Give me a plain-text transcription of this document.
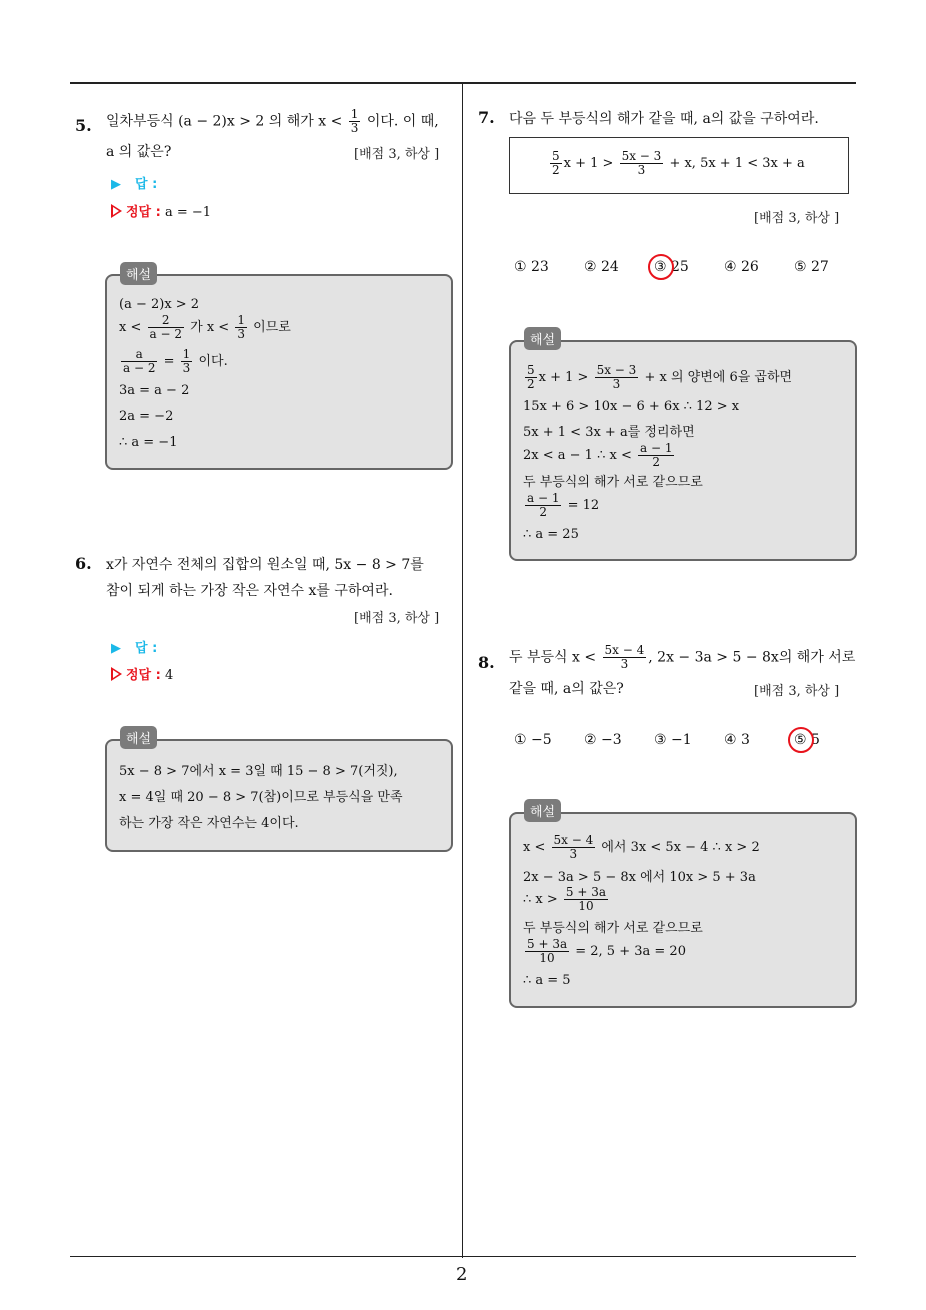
2
5. 일차부등식 (a − 2)x > 2 의 해가 $x < \frac{1}{3}$ 이다. 이 때,
a 의 값은?	[배점 3, 하상 ]
▶ 답 :
정답 : a = −1
(a − 2)x > 2
$x < \frac{2}{a - 2}$ 가 $x < \frac{1}{3}$ 이므로
$\frac{a}{a - 2} = \frac{1}{3}$ 이다.
3a = a − 2
2a = −2
∴ a = −1
해설
6. x가 자연수 전체의 집합의 원소일 때, 5x − 8 > 7를
참이 되게 하는 가장 작은 자연수 x를 구하여라.
[배점 3, 하상 ]
▶ 답 :
정답 : 4
5x − 8 > 7에서 x = 3일 때 15 − 8 > 7(거짓),
x = 4일 때 20 − 8 > 7(참)이므로 부등식을 만족
하는 가장 작은 자연수는 4이다.
해설
7. 다음 두 부등식의 해가 같을 때, a의 값을 구하여라.
$\frac{5}{2}$ $x + 1 > \frac{5x - 3}{3} + x$, 5x + 1 < 3x + a
[배점 3, 하상 ]
① 23	② 24	③ 25	④ 26	⑤ 27
$\frac{5}{2}$ $x + 1 > \frac{5x - 3}{3} + x$ 의 양변에 6을 곱하면
15x + 6 > 10x − 6 + 6x ∴ 12 > x
5x + 1 < 3x + a를 정리하면
2x < a − 1 ∴ $x < \frac{a - 1}{2}$
두 부등식의 해가 서로 같으므로
$\frac{a - 1}{2} = 12$
∴ a = 25
해설
8. 두 부등식 $x < \frac{5x - 4}{3}$ , 2x − 3a > 5 − 8x의 해가 서로
같을 때, a의 값은?	[배점 3, 하상 ]
① −5 ② −3 ③ −1 ④ 3	⑤ 5
$x < \frac{5x - 4}{3}$ 에서 3x < 5x − 4 ∴ x > 2
2x − 3a > 5 − 8x 에서 10x > 5 + 3a
∴ $x > \frac{5 + 3a}{10}$
두 부등식의 해가 서로 같으므로
$\frac{5 + 3a}{10} = 2$, 5 + 3a = 20
∴ a = 5
해설
